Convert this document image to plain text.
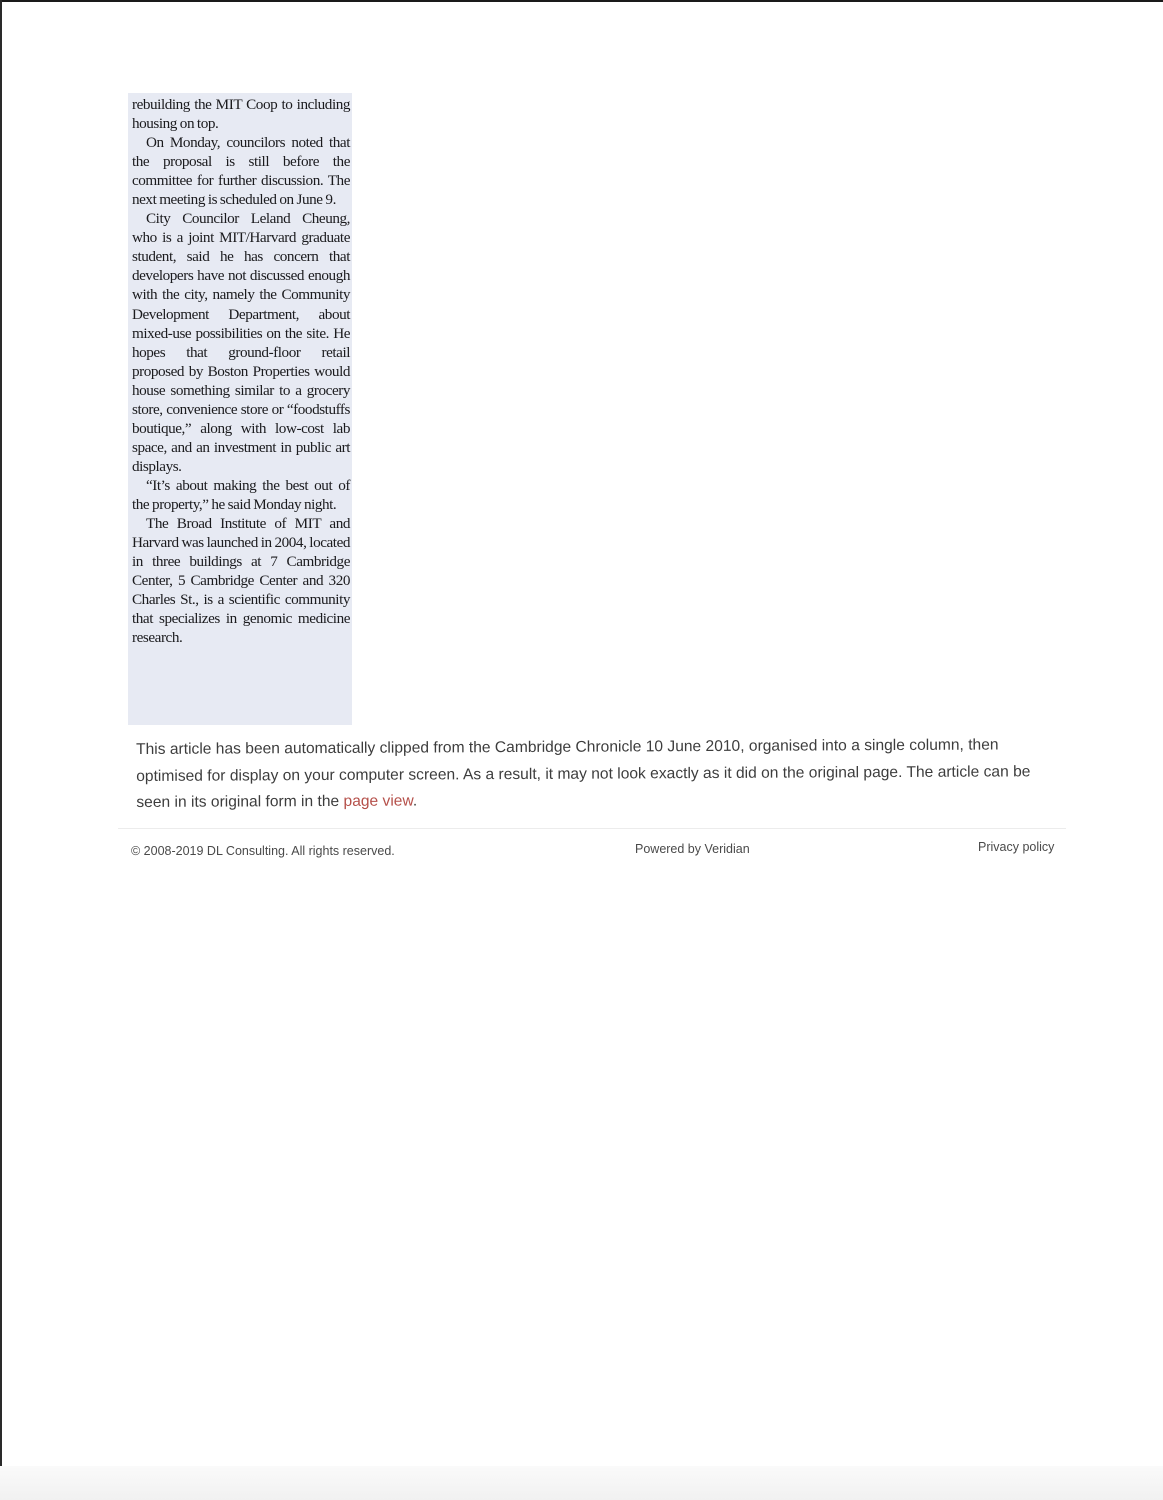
rebuilding the MIT Coop to including housing on top.

On Monday, councilors noted that the proposal is still before the committee for further discussion. The next meeting is scheduled on June 9.

City Councilor Leland Cheung, who is a joint MIT/Harvard graduate student, said he has concern that developers have not discussed enough with the city, namely the Community Development Department, about mixed-use possibilities on the site. He hopes that ground-floor retail proposed by Boston Properties would house something similar to a grocery store, convenience store or “foodstuffs boutique,” along with low-cost lab space, and an investment in public art displays.

“It’s about making the best out of the property,” he said Monday night.

The Broad Institute of MIT and Harvard was launched in 2004, located in three buildings at 7 Cambridge Center, 5 Cambridge Center and 320 Charles St., is a scientific community that specializes in genomic medicine research.

This article has been automatically clipped from the Cambridge Chronicle 10 June 2010, organised into a single column, then optimised for display on your computer screen. As a result, it may not look exactly as it did on the original page. The article can be seen in its original form in the page view.
© 2008-2019 DL Consulting. All rights reserved.	Powered by Veridian	Privacy policy
